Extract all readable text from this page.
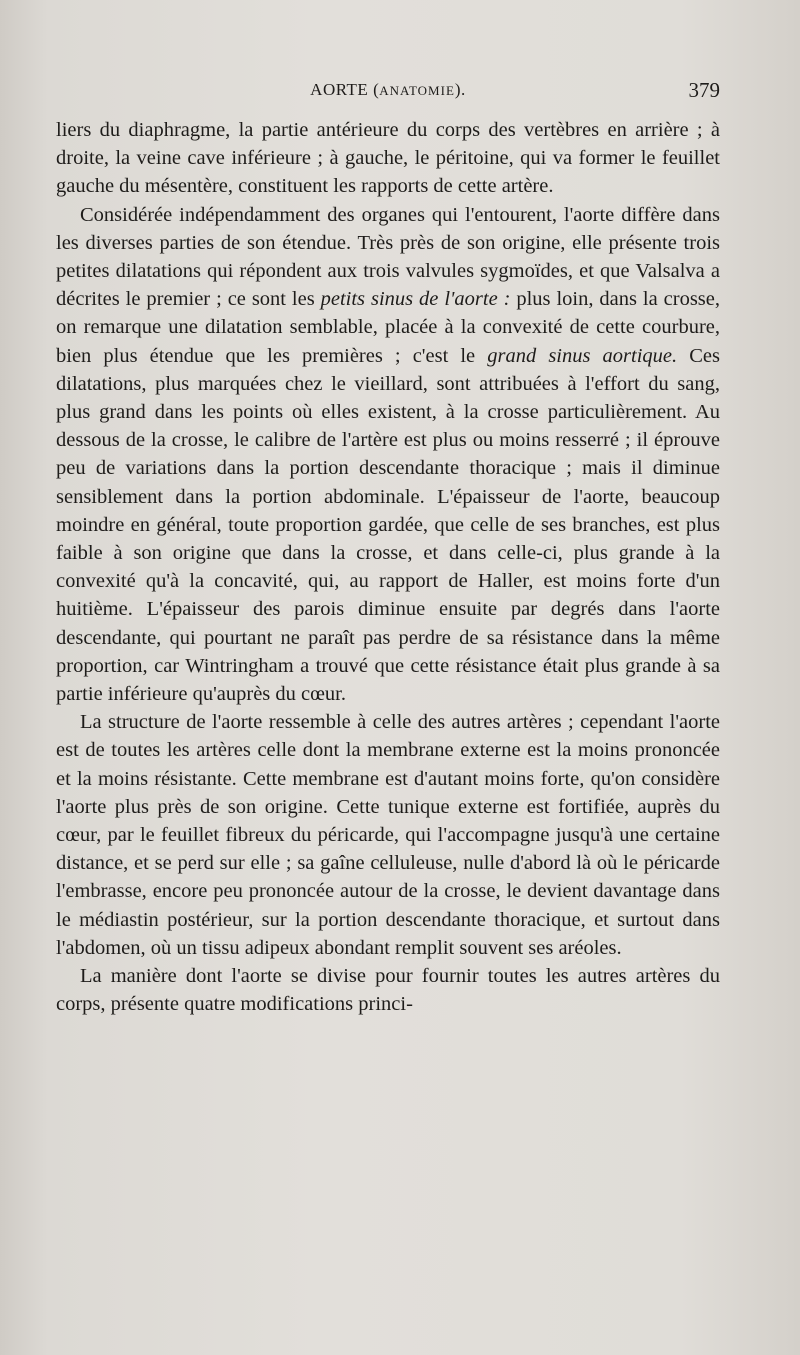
AORTE (ANATOMIE).	379

liers du diaphragme, la partie antérieure du corps des vertèbres en arrière ; à droite, la veine cave inférieure ; à gauche, le péritoine, qui va former le feuillet gauche du mésentère, constituent les rapports de cette artère.

Considérée indépendamment des organes qui l'entourent, l'aorte diffère dans les diverses parties de son étendue. Très près de son origine, elle présente trois petites dilatations qui répondent aux trois valvules sygmoïdes, et que Valsalva a décrites le premier ; ce sont les petits sinus de l'aorte : plus loin, dans la crosse, on remarque une dilatation semblable, placée à la convexité de cette courbure, bien plus étendue que les premières ; c'est le grand sinus aortique. Ces dilatations, plus marquées chez le vieillard, sont attribuées à l'effort du sang, plus grand dans les points où elles existent, à la crosse particulièrement. Au dessous de la crosse, le calibre de l'artère est plus ou moins resserré ; il éprouve peu de variations dans la portion descendante thoracique ; mais il diminue sensiblement dans la portion abdominale. L'épaisseur de l'aorte, beaucoup moindre en général, toute proportion gardée, que celle de ses branches, est plus faible à son origine que dans la crosse, et dans celle-ci, plus grande à la convexité qu'à la concavité, qui, au rapport de Haller, est moins forte d'un huitième. L'épaisseur des parois diminue ensuite par degrés dans l'aorte descendante, qui pourtant ne paraît pas perdre de sa résistance dans la même proportion, car Wintringham a trouvé que cette résistance était plus grande à sa partie inférieure qu'auprès du cœur.

La structure de l'aorte ressemble à celle des autres artères ; cependant l'aorte est de toutes les artères celle dont la membrane externe est la moins prononcée et la moins résistante. Cette membrane est d'autant moins forte, qu'on considère l'aorte plus près de son origine. Cette tunique externe est fortifiée, auprès du cœur, par le feuillet fibreux du péricarde, qui l'accompagne jusqu'à une certaine distance, et se perd sur elle ; sa gaîne celluleuse, nulle d'abord là où le péricarde l'embrasse, encore peu prononcée autour de la crosse, le devient davantage dans le médiastin postérieur, sur la portion descendante thoracique, et surtout dans l'abdomen, où un tissu adipeux abondant remplit souvent ses aréoles.

La manière dont l'aorte se divise pour fournir toutes les autres artères du corps, présente quatre modifications princi-
